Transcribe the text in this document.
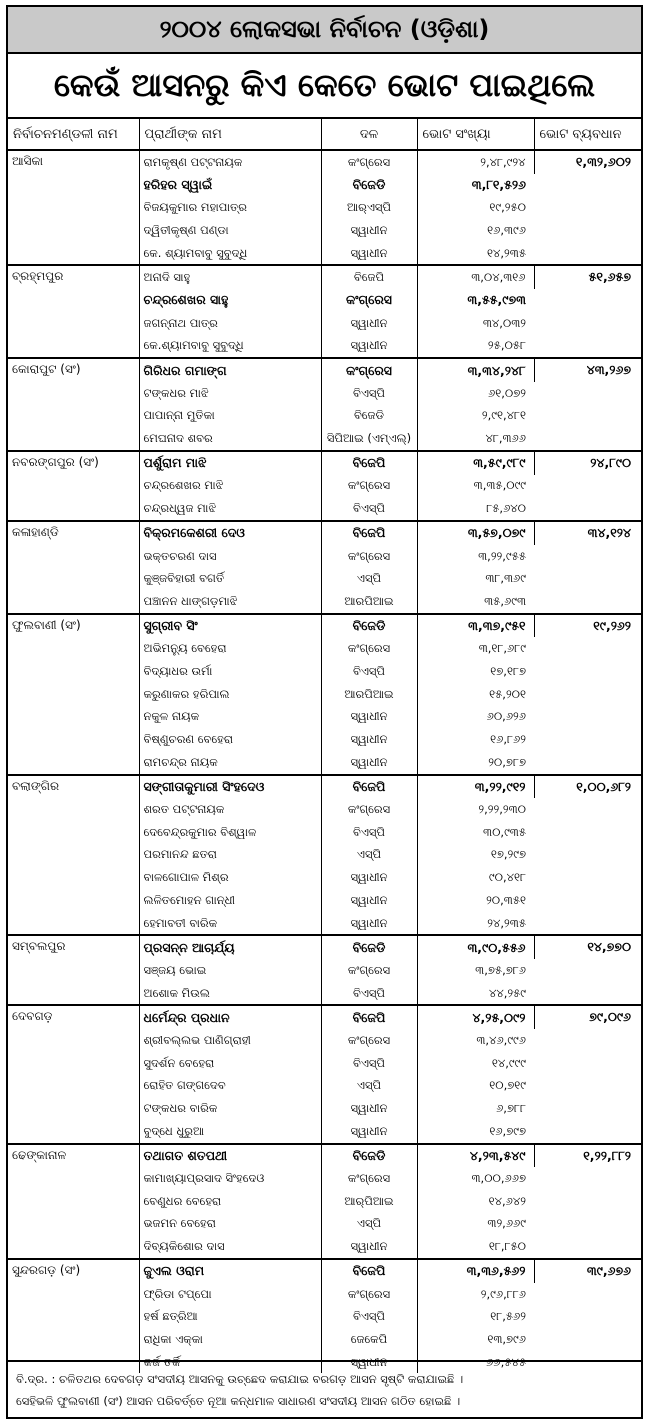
୨୦୦୪ ଲୋକସଭା ନିର୍ବାଚନ (ଓଡ଼ିଶା)
କେଉଁ ଆସନରୁ କିଏ କେତେ ଭୋଟ ପାଇଥିଲେ
ନିର୍ବାଚନମଣ୍ଡଳୀ ନାମ	ପ୍ରାର୍ଥୀଙ୍କ ନାମ	ଦଳ	ଭୋଟ ସଂଖ୍ୟା	ଭୋଟ ବ୍ୟବଧାନ
ଆସିକା	ରାମକୃଷ୍ଣ ପଟ୍ଟନାୟକ	କଂଗ୍ରେସ	୨,୪୮,୯୨୪	୧,୩୨,୬୦୨
	ହରିହର ସ୍ୱାଇଁ	ବିଜେଡି	୩,୮୧,୫୨୬	
	ବିଜୟକୁମାର ମହାପାତ୍ର	ଆର୍‌ଏସ୍‌ପି	୧୯,୨୫୦	
	ଦ୍ୱିତୀକୃଷ୍ଣ ପଣ୍ଡା	ସ୍ୱାଧୀନ	୧୬,୩୯୬	
	କେ. ଶ୍ୟାମବାବୁ ସୁବୁଦ୍ଧି	ସ୍ୱାଧୀନ	୧୪,୨୩୫	
ବ୍ରହ୍ମପୁର	ଅନାଦି ସାହୁ	ବିଜେପି	୩,୦୪,୩୧୬	୫୧,୬୫୭
	ଚନ୍ଦ୍ରଶେଖର ସାହୁ	କଂଗ୍ରେସ	୩,୫୫,୯୭୩	
	ଜଗନ୍ନାଥ ପାତ୍ର	ସ୍ୱାଧୀନ	୩୪,୦୩୨	
	କେ.ଶ୍ୟାମବାବୁ ସୁବୁଦ୍ଧି	ସ୍ୱାଧୀନ	୨୫,୦୫୮	
କୋରାପୁଟ (ସଂ)	ଗିରିଧର ଗମାଙ୍ଗ	କଂଗ୍ରେସ	୩,୩୪,୨୪୮	୪୩,୨୬୭
	ଟଙ୍କଧର ମାଝି	ବିଏସ୍‌ପି	୬୧,୦୭୨	
	ପାପାନ୍ନା ମୁତିକା	ବିଜେଡି	୨,୯୧,୪୮୧	
	ମେଘନାଦ ଶବର	ସିପିଆଇ (ଏମ୍‌ଏଲ୍‌)	୪୮,୩୬୬	
ନବରଙ୍ଗପୁର (ସଂ)	ପର୍ଶୁରାମ ମାଝି	ବିଜେପି	୩,୫୯,୯୮୯	୨୪,୮୯୦
	ଚନ୍ଦ୍ରଶେଖର ମାଝି	କଂଗ୍ରେସ	୩,୩୫,୦୯୯	
	ଚନ୍ଦ୍ରଧ୍ୱଜ ମାଝି	ବିଏସ୍‌ପି	୮୫,୬୪୦	
କଳାହାଣ୍ଡି	ବିକ୍ରମକେଶରୀ ଦେଓ	ବିଜେପି	୩,୫୭,୦୭୯	୩୪,୧୨୪
	ଭକ୍ତଚରଣ ଦାସ	କଂଗ୍ରେସ	୩,୨୨,୯୫୫	
	କୁଞ୍ଜବିହାରୀ ବଗର୍ତି	ଏସ୍‌ପି	୩୮,୩୬୯	
	ପଞ୍ଚାନନ ଧାଙ୍ଗଡ଼ମାଝି	ଆରପିଆଇ	୩୫,୬୯୩	
ଫୁଲବାଣୀ (ସଂ)	ସୁଗ୍ରୀବ ସିଂ	ବିଜେଡି	୩,୩୭,୯୫୧	୧୯,୨୬୨
	ଅଭିମନ୍ୟୁ ବେହେରା	କଂଗ୍ରେସ	୩,୧୮,୬୮୯	
	ବିଦ୍ୟାଧର ଉର୍ମା	ବିଏସ୍‌ପି	୧୭,୧୮୭	
	କରୁଣାକର ହରିପାଲ	ଆରପିଆଇ	୧୫,୨୦୧	
	ନକୁଳ ନାୟକ	ସ୍ୱାଧୀନ	୬୦,୬୨୬	
	ବିଷ୍ଣୁଚରଣ ବେହେରା	ସ୍ୱାଧୀନ	୧୬,୮୬୨	
	ରାମଚନ୍ଦ୍ର ନାୟକ	ସ୍ୱାଧୀନ	୨୦,୭୮୭	
ବଲାଙ୍ଗିର	ସଙ୍ଗୀତାକୁମାରୀ ସିଂହଦେଓ	ବିଜେପି	୩,୨୨,୯୧୨	୧,୦୦,୬୮୨
	ଶରତ ପଟ୍ଟନାୟକ	କଂଗ୍ରେସ	୨,୨୨,୨୩୦	
	ଦେବେନ୍ଦ୍ରକୁମାର ବିଶ୍ୱାଳ	ବିଏସ୍‌ପି	୩୦,୯୩୫	
	ପରମାନନ୍ଦ ଛତରା	ଏସ୍‌ପି	୧୭,୨୯୭	
	ବାଳଗୋପାଳ ମିଶ୍ର	ସ୍ୱାଧୀନ	୯୦,୪୧୮	
	ଲଳିତମୋହନ ଗାନ୍ଧୀ	ସ୍ୱାଧୀନ	୨୦,୩୫୧	
	ହେମାବତୀ ବାରିକ	ସ୍ୱାଧୀନ	୨୪,୨୩୫	
ସମ୍ବଲପୁର	ପ୍ରସନ୍ନ ଆଚାର୍ଯ୍ୟ	ବିଜେଡି	୩,୯୦,୫୫୬	୧୪,୭୭୦
	ସଞ୍ଜୟ ଭୋଇ	କଂଗ୍ରେସ	୩,୭୫,୭୮୬	
	ଅଶୋକ ମିଉଲ	ବିଏସ୍‌ପି	୪୪,୨୫୯	
ଦେବଗଡ଼	ଧର୍ମେନ୍ଦ୍ର ପ୍ରଧାନ	ବିଜେପି	୪,୨୫,୦୯୨	୭୯,୦୯୬
	ଶ୍ରୀବଲ୍ଲଭ ପାଣିଗ୍ରାହୀ	କଂଗ୍ରେସ	୩,୪୬,୯୯୬	
	ସୁଦର୍ଶନ ବେହେରା	ବିଏସ୍‌ପି	୧୪,୯୯୯	
	ରୋହିତ ଗଙ୍ଗଦେବ	ଏସ୍‌ପି	୧୦,୭୧୯	
	ଟଙ୍କଧର ବାରିକ	ସ୍ୱାଧୀନ	୬,୭୮୮	
	ବୁଦ୍ଧେ ଧୁରୁଆ	ସ୍ୱାଧୀନ	୧୬,୭୯୭	
ଢେଙ୍କାନାଳ	ତଥାଗତ ଶତପଥୀ	ବିଜେଡି	୪,୨୩,୫୪୯	୧,୨୨,୮୮୨
	କାମାଖ୍ୟାପ୍ରସାଦ ସିଂହଦେଓ	କଂଗ୍ରେସ	୩,୦୦,୬୬୭	
	ବେଣୁଧର ବେହେରା	ଆର୍‌ପିଆଇ	୧୪,୬୪୨	
	ଭଜମନ ବେହେରା	ଏସ୍‌ପି	୩୨,୬୬୯	
	ଦିବ୍ୟକିଶୋର ଦାସ	ସ୍ୱାଧୀନ	୧୮,୮୫୦	
ସୁନ୍ଦରଗଡ଼ (ସଂ)	ଜୁଏଲ ଓରାମ	ବିଜେପି	୩,୩୬,୫୬୨	୩୯,୬୭୬
	ଫ୍ରିଡା ଟପ୍ପୋ	କଂଗ୍ରେସ	୨,୯୬,୮୮୬	
	ହର୍ଷ ଛତ୍ରିଆ	ବିଏସ୍‌ପି	୧୮,୫୬୨	
	ରାଧିକା ଏକ୍କା	ଜେକେପି	୧୩,୭୯୬	
	କର୍ଜ ତର୍କି	ସ୍ୱାଧୀନ	୬୬,୫୪୫	
ବି.ଦ୍ର. : ଚଳିତଥର ଦେବଗଡ଼ ସଂସଦୀୟ ଆସନକୁ ଉଚ୍ଛେଦ କରାଯାଇ ବରଗଡ଼ ଆସନ ସୃଷ୍ଟି କରାଯାଇଛି ।
ସେହିଭଳି ଫୁଲବାଣୀ (ସଂ) ଆସନ ପରିବର୍ତ୍ତେ ନୂଆ କନ୍ଧମାଳ ସାଧାରଣ ସଂସଦୀୟ ଆସନ ଗଠିତ ହୋଇଛି ।
